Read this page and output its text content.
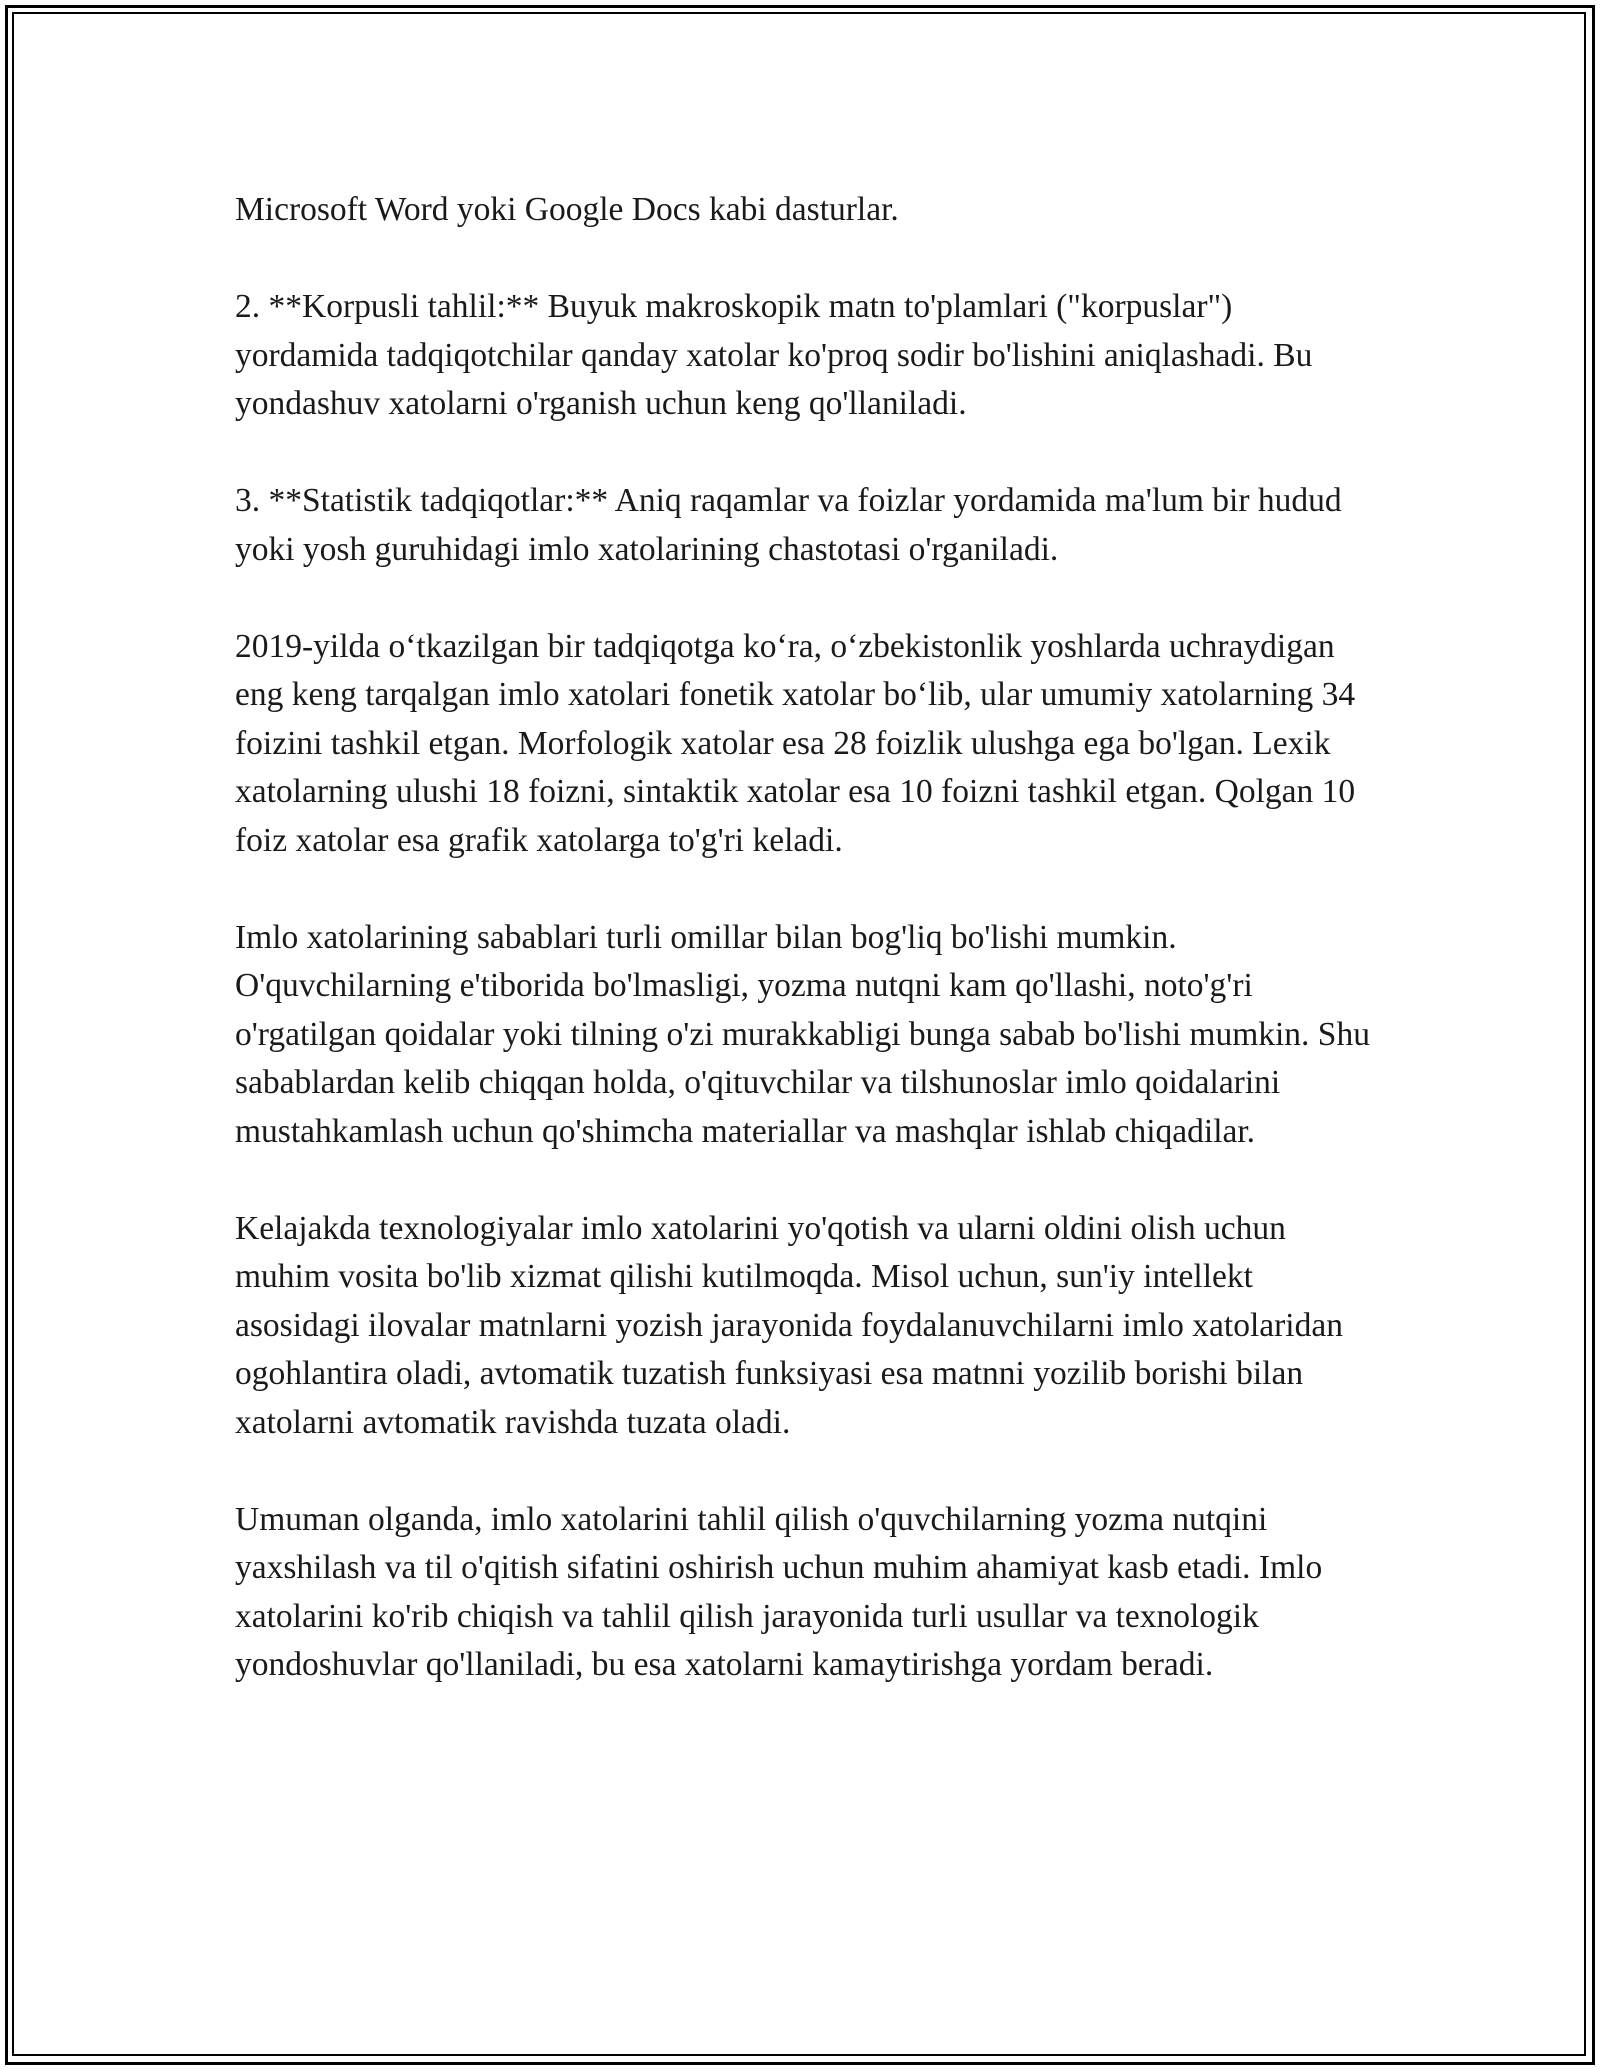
Microsoft Word yoki Google Docs kabi dasturlar.

2. **Korpusli tahlil:** Buyuk makroskopik matn to'plamlari ("korpuslar") yordamida tadqiqotchilar qanday xatolar ko'proq sodir bo'lishini aniqlashadi. Bu yondashuv xatolarni o'rganish uchun keng qo'llaniladi.

3. **Statistik tadqiqotlar:** Aniq raqamlar va foizlar yordamida ma'lum bir hudud yoki yosh guruhidagi imlo xatolarining chastotasi o'rganiladi.

2019-yilda o‘tkazilgan bir tadqiqotga ko‘ra, o‘zbekistonlik yoshlarda uchraydigan eng keng tarqalgan imlo xatolari fonetik xatolar bo‘lib, ular umumiy xatolarning 34 foizini tashkil etgan. Morfologik xatolar esa 28 foizlik ulushga ega bo'lgan. Lexik xatolarning ulushi 18 foizni, sintaktik xatolar esa 10 foizni tashkil etgan. Qolgan 10 foiz xatolar esa grafik xatolarga to'g'ri keladi.

Imlo xatolarining sabablari turli omillar bilan bog'liq bo'lishi mumkin. O'quvchilarning e'tiborida bo'lmasligi, yozma nutqni kam qo'llashi, noto'g'ri o'rgatilgan qoidalar yoki tilning o'zi murakkabligi bunga sabab bo'lishi mumkin. Shu sabablardan kelib chiqqan holda, o'qituvchilar va tilshunoslar imlo qoidalarini mustahkamlash uchun qo'shimcha materiallar va mashqlar ishlab chiqadilar.

Kelajakda texnologiyalar imlo xatolarini yo'qotish va ularni oldini olish uchun muhim vosita bo'lib xizmat qilishi kutilmoqda. Misol uchun, sun'iy intellekt asosidagi ilovalar matnlarni yozish jarayonida foydalanuvchilarni imlo xatolaridan ogohlantira oladi, avtomatik tuzatish funksiyasi esa matnni yozilib borishi bilan xatolarni avtomatik ravishda tuzata oladi.

Umuman olganda, imlo xatolarini tahlil qilish o'quvchilarning yozma nutqini yaxshilash va til o'qitish sifatini oshirish uchun muhim ahamiyat kasb etadi. Imlo xatolarini ko'rib chiqish va tahlil qilish jarayonida turli usullar va texnologik yondoshuvlar qo'llaniladi, bu esa xatolarni kamaytirishga yordam beradi.
